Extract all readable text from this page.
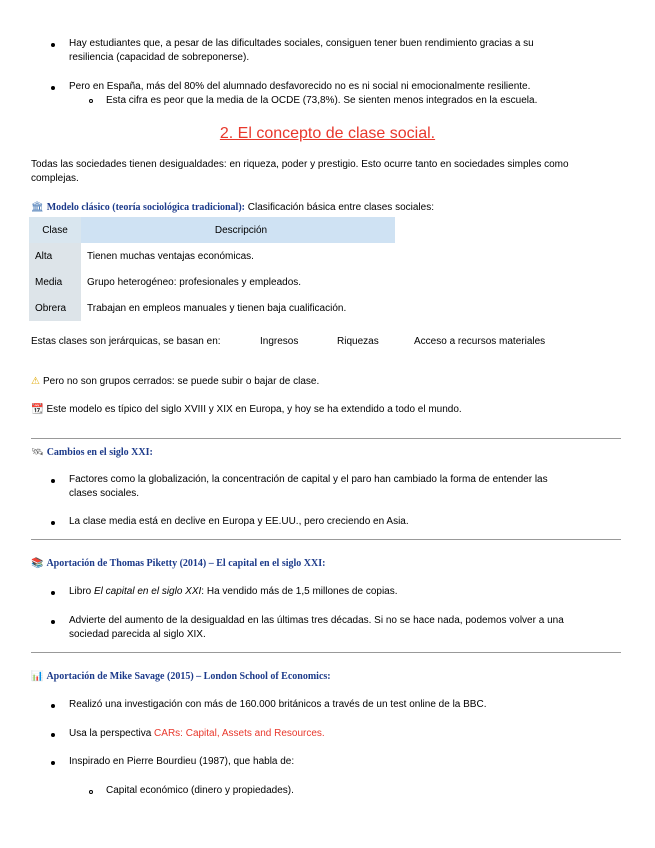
Hay estudiantes que, a pesar de las dificultades sociales, consiguen tener buen rendimiento gracias a su
resiliencia (capacidad de sobreponerse).
Pero en España, más del 80% del alumnado desfavorecido no es ni social ni emocionalmente resiliente.
Esta cifra es peor que la media de la OCDE (73,8%). Se sienten menos integrados en la escuela.
2. El concepto de clase social.
Todas las sociedades tienen desigualdades: en riqueza, poder y prestigio. Esto ocurre tanto en sociedades simples como
complejas.
🏛 Modelo clásico (teoría sociológica tradicional): Clasificación básica entre clases sociales:
Clase	Descripción
Alta	Tienen muchas ventajas económicas.
Media	Grupo heterogéneo: profesionales y empleados.
Obrera	Trabajan en empleos manuales y tienen baja cualificación.
Estas clases son jerárquicas, se basan en:	Ingresos	Riquezas	Acceso a recursos materiales
⚠ Pero no son grupos cerrados: se puede subir o bajar de clase.
📆 Este modelo es típico del siglo XVIII y XIX en Europa, y hoy se ha extendido a todo el mundo.
🛰 Cambios en el siglo XXI:
Factores como la globalización, la concentración de capital y el paro han cambiado la forma de entender las
clases sociales.
La clase media está en declive en Europa y EE.UU., pero creciendo en Asia.
📚 Aportación de Thomas Piketty (2014) – El capital en el siglo XXI:
Libro El capital en el siglo XXI: Ha vendido más de 1,5 millones de copias.
Advierte del aumento de la desigualdad en las últimas tres décadas. Si no se hace nada, podemos volver a una
sociedad parecida al siglo XIX.
📊 Aportación de Mike Savage (2015) – London School of Economics:
Realizó una investigación con más de 160.000 británicos a través de un test online de la BBC.
Usa la perspectiva CARs: Capital, Assets and Resources.
Inspirado en Pierre Bourdieu (1987), que habla de:
Capital económico (dinero y propiedades).
